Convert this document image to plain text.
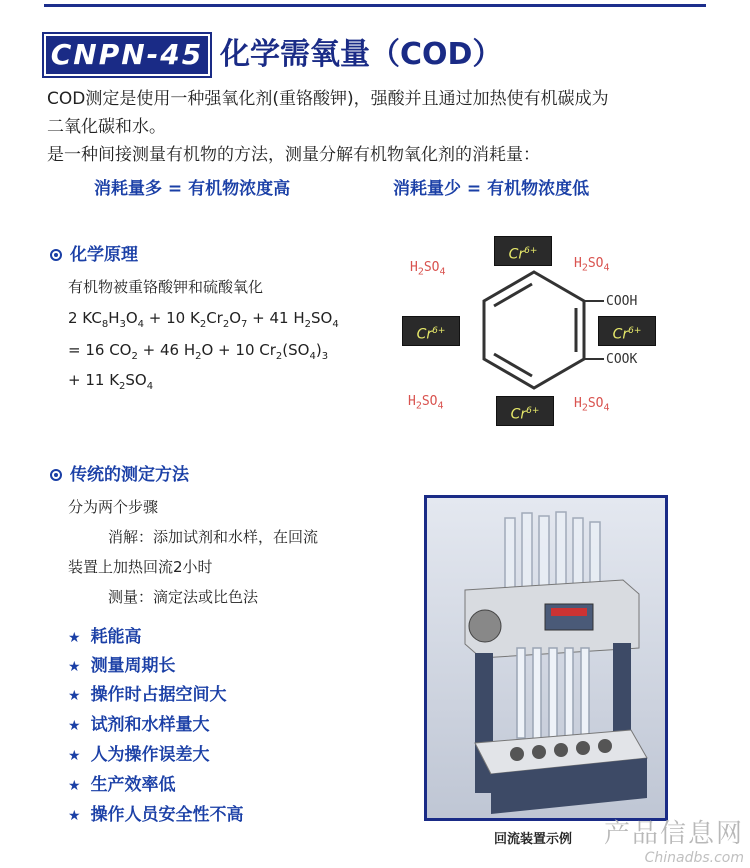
CNPN-45 化学需氧量（COD）
COD测定是使用一种强氧化剂(重铬酸钾)，强酸并且通过加热使有机碳成为
二氧化碳和水。
是一种间接测量有机物的方法，测量分解有机物氧化剂的消耗量：
消耗量多 = 有机物浓度高	消耗量少 = 有机物浓度低
化学原理
有机物被重铬酸钾和硫酸氧化
2 $KC_8H_3O_4 + 10$ $K_2Cr_2O_7 + 41$ $H_2SO_4$
= 16 $CO_2 + 46$ $H_2O + 10$ $Cr_2(SO_4)_3$
+ 11 $K_2SO_4$
$Cr^{6+}$
$Cr^{6+}$	$Cr^{6+}$
$Cr^{6+}$
$H_2SO_4$
$H_2SO_4$
$H_2SO_4$	$H_2SO_4$
COOH
COOK
传统的测定方法
分为两个步骤
消解：添加试剂和水样，在回流
装置上加热回流2小时
测量：滴定法或比色法
★ 耗能高
★ 测量周期长
★ 操作时占据空间大
★ 试剂和水样量大
★ 人为操作误差大
★ 生产效率低
★ 操作人员安全性不高
回流装置示例 产品信息网
Chinadbs.com
